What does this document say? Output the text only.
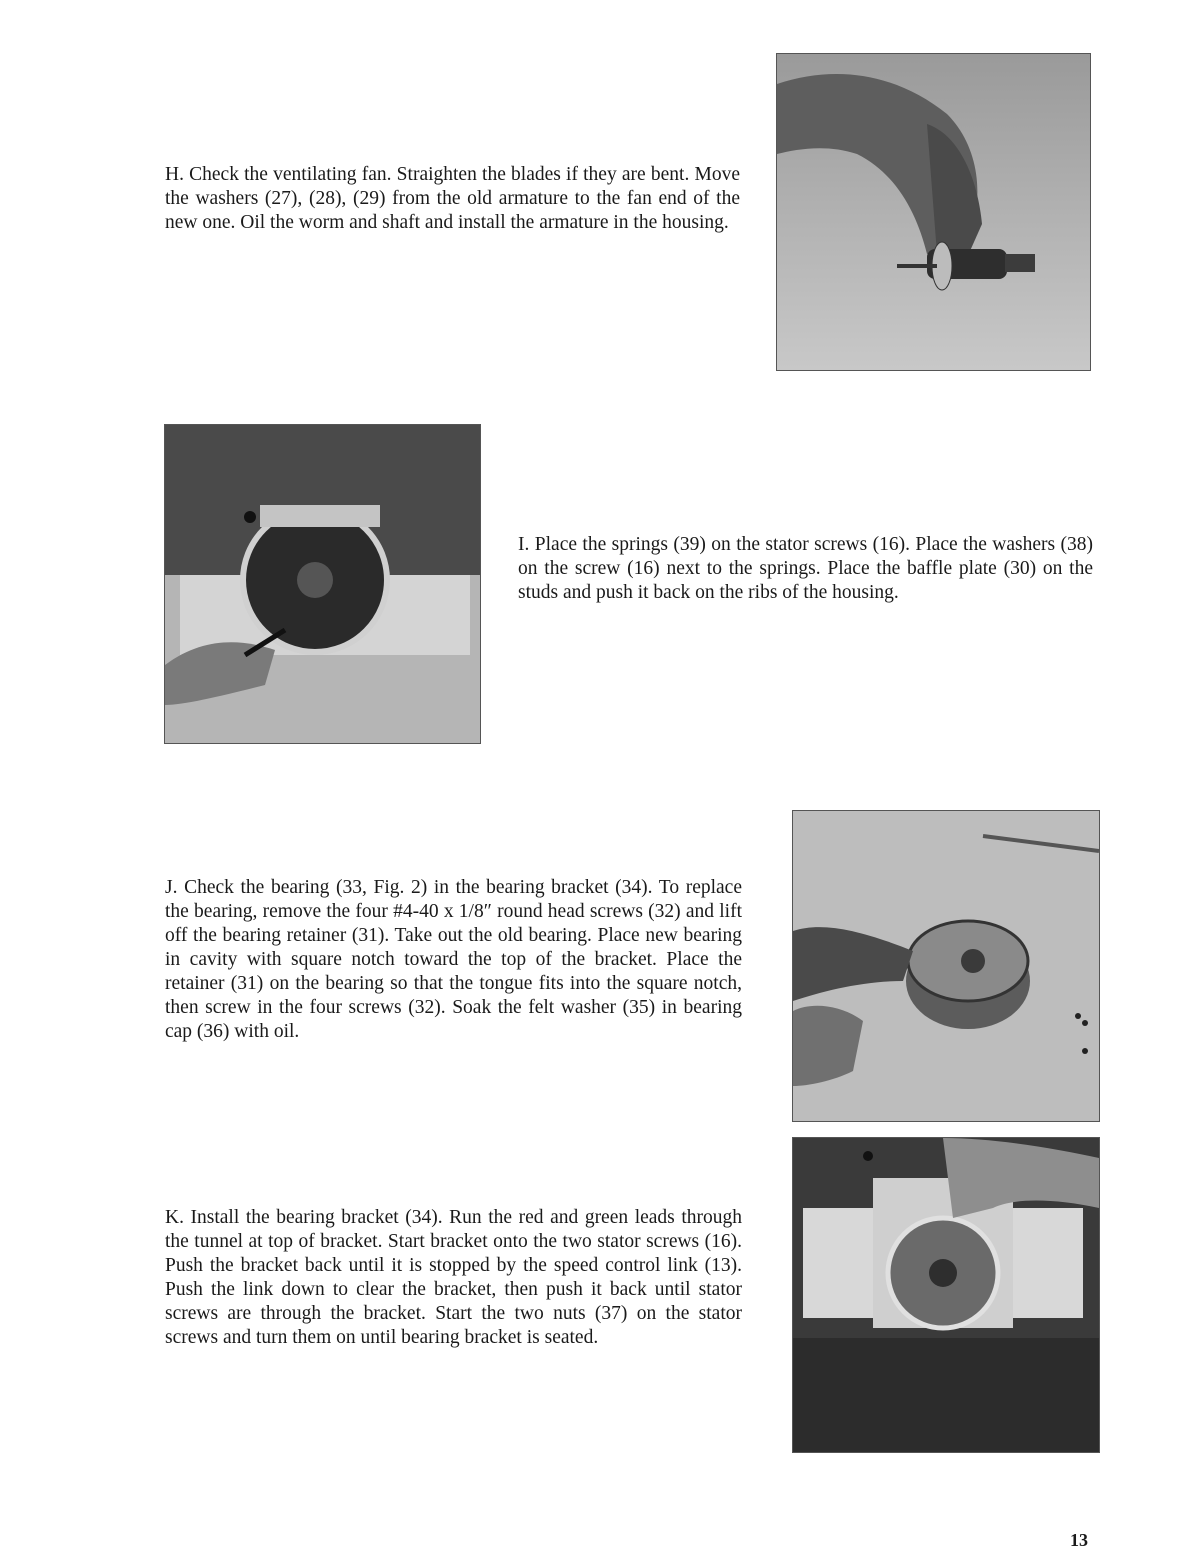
H. Check the ventilating fan. Straighten the blades if they are bent. Move the washers (27), (28), (29) from the old armature to the fan end of the new one. Oil the worm and shaft and install the armature in the housing.

I. Place the springs (39) on the stator screws (16). Place the washers (38) on the screw (16) next to the springs. Place the baffle plate (30) on the studs and push it back on the ribs of the housing.

J. Check the bearing (33, Fig. 2) in the bearing bracket (34). To replace the bearing, remove the four #4-40 x 1/8″ round head screws (32) and lift off the bearing retainer (31). Take out the old bearing. Place new bearing in cavity with square notch toward the top of the bracket. Place the retainer (31) on the bearing so that the tongue fits into the square notch, then screw in the four screws (32). Soak the felt washer (35) in bearing cap (36) with oil.

K. Install the bearing bracket (34). Run the red and green leads through the tunnel at top of bracket. Start bracket onto the two stator screws (16). Push the bracket back until it is stopped by the speed control link (13). Push the link down to clear the bracket, then push it back until stator screws are through the bracket. Start the two nuts (37) on the stator screws and turn them on until bearing bracket is seated.

13
